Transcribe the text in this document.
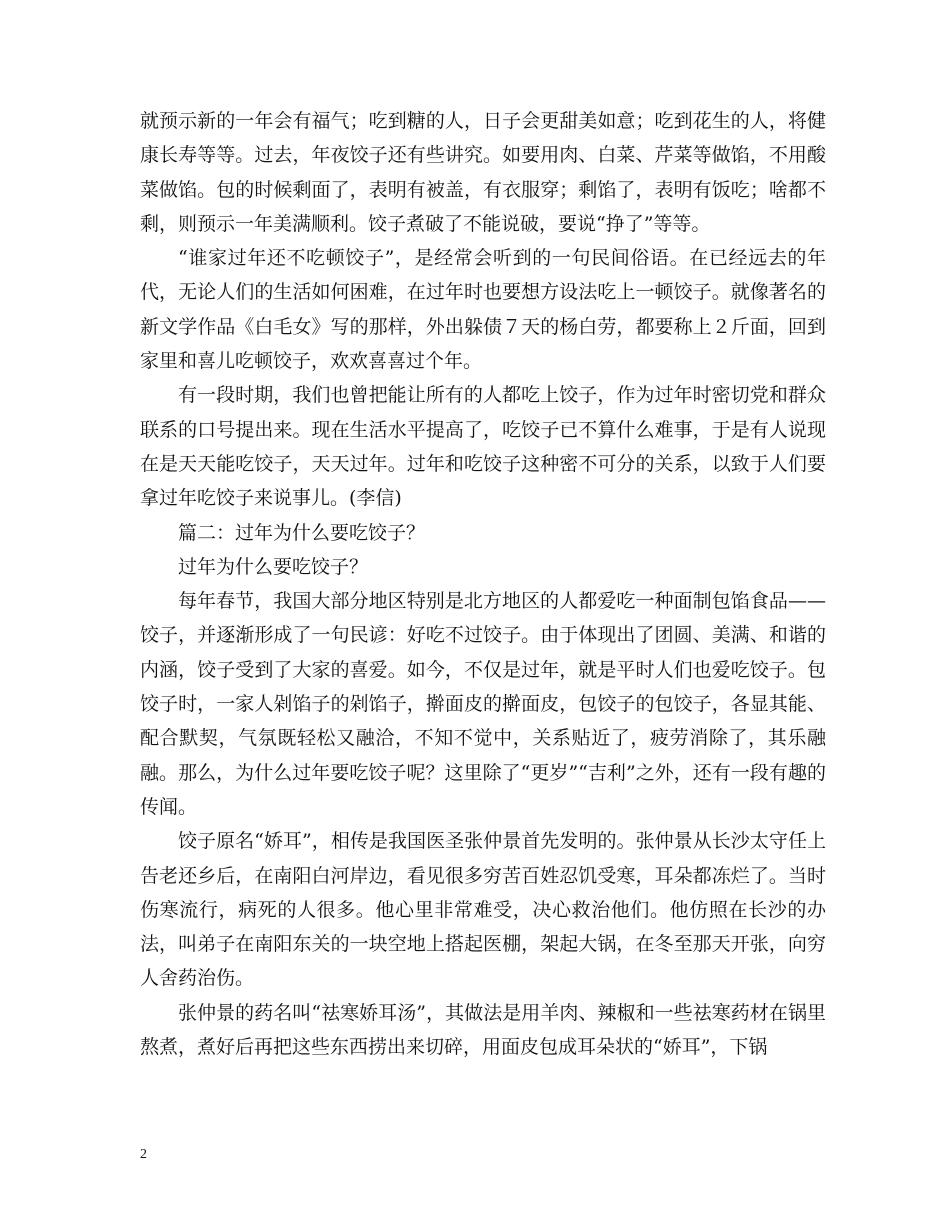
就预示新的一年会有福气；吃到糖的人，日子会更甜美如意；吃到花生的人，将健康长寿等等。过去，年夜饺子还有些讲究。如要用肉、白菜、芹菜等做馅，不用酸菜做馅。包的时候剩面了，表明有被盖，有衣服穿；剩馅了，表明有饭吃；啥都不剩，则预示一年美满顺利。饺子煮破了不能说破，要说“挣了”等等。

“谁家过年还不吃顿饺子”，是经常会听到的一句民间俗语。在已经远去的年代，无论人们的生活如何困难，在过年时也要想方设法吃上一顿饺子。就像著名的新文学作品《白毛女》写的那样，外出躲债７天的杨白劳，都要称上２斤面，回到家里和喜儿吃顿饺子，欢欢喜喜过个年。

有一段时期，我们也曾把能让所有的人都吃上饺子，作为过年时密切党和群众联系的口号提出来。现在生活水平提高了，吃饺子已不算什么难事，于是有人说现在是天天能吃饺子，天天过年。过年和吃饺子这种密不可分的关系，以致于人们要拿过年吃饺子来说事儿。(李信)

篇二：过年为什么要吃饺子？

过年为什么要吃饺子？

每年春节，我国大部分地区特别是北方地区的人都爱吃一种面制包馅食品——饺子，并逐渐形成了一句民谚：好吃不过饺子。由于体现出了团圆、美满、和谐的内涵，饺子受到了大家的喜爱。如今，不仅是过年，就是平时人们也爱吃饺子。包饺子时，一家人剁馅子的剁馅子，擀面皮的擀面皮，包饺子的包饺子，各显其能、配合默契，气氛既轻松又融洽，不知不觉中，关系贴近了，疲劳消除了，其乐融融。那么，为什么过年要吃饺子呢？这里除了“更岁”“吉利”之外，还有一段有趣的传闻。

饺子原名“娇耳”，相传是我国医圣张仲景首先发明的。张仲景从长沙太守任上告老还乡后，在南阳白河岸边，看见很多穷苦百姓忍饥受寒，耳朵都冻烂了。当时伤寒流行，病死的人很多。他心里非常难受，决心救治他们。他仿照在长沙的办法，叫弟子在南阳东关的一块空地上搭起医棚，架起大锅，在冬至那天开张，向穷人舍药治伤。

张仲景的药名叫“祛寒娇耳汤”，其做法是用羊肉、辣椒和一些祛寒药材在锅里熬煮，煮好后再把这些东西捞出来切碎，用面皮包成耳朵状的“娇耳”，下锅

2
